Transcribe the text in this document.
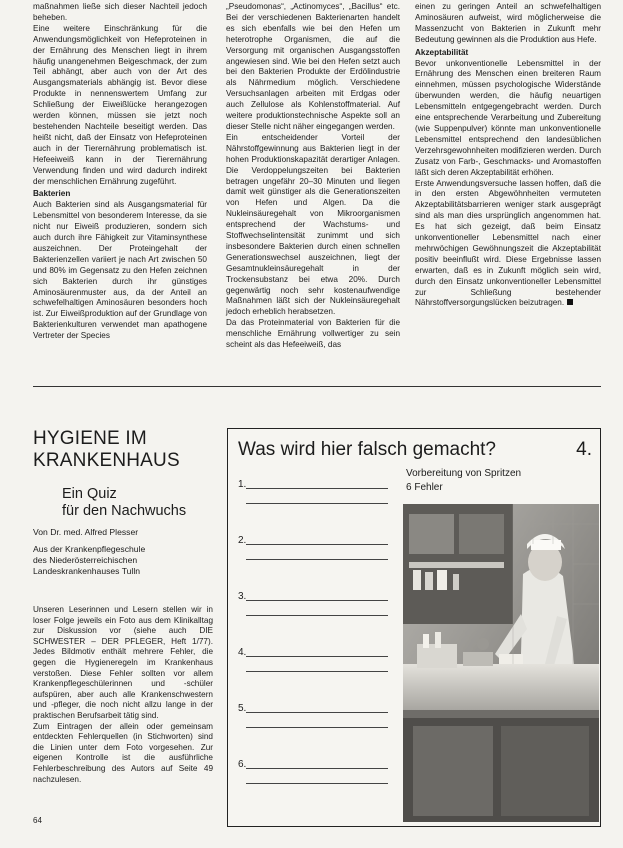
maßnahmen ließe sich dieser Nachteil jedoch beheben.

Eine weitere Einschränkung für die Anwendungsmöglichkeit von Hefeproteinen in der Ernährung des Menschen liegt in ihrem häufig unangenehmen Beigeschmack, der zum Teil abhängt, aber auch von der Art des Ausgangsmaterials abhängig ist. Bevor diese Produkte in nennenswertem Umfang zur Schließung der Eiweißlücke herangezogen werden können, müssen sie jetzt noch bestehenden Nachteile beseitigt werden. Das heißt nicht, daß der Einsatz von Hefeproteinen auch in der Tierernährung problematisch ist. Hefeeiweiß kann in der Tierernährung Verwendung finden und wird dadurch indirekt der menschlichen Ernährung zugeführt.

Bakterien

Auch Bakterien sind als Ausgangsmaterial für Lebensmittel von besonderem Interesse, da sie nicht nur Eiweiß produzieren, sondern sich auch durch ihre Fähigkeit zur Vitaminsynthese auszeichnen. Der Proteingehalt der Bakterienzellen variiert je nach Art zwischen 50 und 80% im Gegensatz zu den Hefen zeichnen sich Bakterien durch ihr günstiges Aminosäurenmuster aus, da der Anteil an schwefelhaltigen Aminosäuren besonders hoch ist. Zur Eiweißproduktion auf der Grundlage von Bakterienkulturen verwendet man apathogene Vertreter der Species

„Pseudomonas“, „Actinomyces“, „Bacillus“ etc. Bei der verschiedenen Bakterienarten handelt es sich ebenfalls wie bei den Hefen um heterotrophe Organismen, die auf die Versorgung mit organischen Ausgangsstoffen angewiesen sind. Wie bei den Hefen setzt auch bei den Bakterien Produkte der Erdölindustrie als Nährmedium möglich. Verschiedene Versuchsanlagen arbeiten mit Erdgas oder auch Zellulose als Kohlenstoffmaterial. Auf weitere produktionstechnische Aspekte soll an dieser Stelle nicht näher eingegangen werden.

Ein entscheidender Vorteil der Nährstoffgewinnung aus Bakterien liegt in der hohen Produktionskapazität derartiger Anlagen. Die Verdoppelungszeiten bei Bakterien betragen ungefähr 20–30 Minuten und liegen damit weit günstiger als die Generationszeiten von Hefen und Algen. Da die Nukleinsäuregehalt von Mikroorganismen entsprechend der Wachstums- und Stoffwechselintensität zunimmt und sich insbesondere Bakterien durch einen schnellen Generationswechsel auszeichnen, liegt der Gesamtnukleinsäuregehalt in der Trockensubstanz bei etwa 20%. Durch gegenwärtig noch sehr kostenaufwendige Maßnahmen läßt sich der Nukleinsäuregehalt jedoch erheblich herabsetzen.

Da das Proteinmaterial von Bakterien für die menschliche Ernährung vollwertiger zu sein scheint als das Hefeeiweiß, das

einen zu geringen Anteil an schwefelhaltigen Aminosäuren aufweist, wird möglicherweise die Massenzucht von Bakterien in Zukunft mehr Bedeutung gewinnen als die Produktion aus Hefe.

Akzeptabilität

Bevor unkonventionelle Lebensmittel in der Ernährung des Menschen einen breiteren Raum einnehmen, müssen psychologische Widerstände überwunden werden, die häufig neuartigen Lebensmitteln entgegengebracht werden. Durch eine entsprechende Verarbeitung und Zubereitung (wie Suppenpulver) könnte man unkonventionelle Lebensmittel entsprechend den landesüblichen Verzehrsgewohnheiten modifizieren werden. Durch Zusatz von Farb-, Geschmacks- und Aromastoffen läßt sich deren Akzeptabilität erhöhen.

Erste Anwendungsversuche lassen hoffen, daß die in den ersten Abgewöhnheiten vermuteten Akzeptabilitätsbarrieren weniger stark ausgeprägt sind als man dies ursprünglich angenommen hat. Es hat sich gezeigt, daß beim Einsatz unkonventioneller Lebensmittel nach einer mehrwöchigen Gewöhnungszeit die Akzeptabilität positiv beeinflußt wird. Diese Ergebnisse lassen erwarten, daß es in Zukunft möglich sein wird, durch den Einsatz unkonventioneller Lebensmittel zur Schließung bestehender Nährstoffversorgungslücken beizutragen.

HYGIENE IM
KRANKENHAUS
Ein Quiz
für den Nachwuchs
Von Dr. med. Alfred Plesser
Aus der Krankenpflegeschule
des Niederösterreichischen
Landeskrankenhauses Tulln

Unseren Leserinnen und Lesern stellen wir in loser Folge jeweils ein Foto aus dem Klinikalltag zur Diskussion vor (siehe auch DIE SCHWESTER – DER PFLEGER, Heft 1/77). Jedes Bildmotiv enthält mehrere Fehler, die gegen die Hygieneregeln im Krankenhaus verstoßen. Diese Fehler sollten vor allem Krankenpflegeschülerinnen und -schüler aufspüren, aber auch alle Krankenschwestern und -pfleger, die noch nicht allzu lange in der praktischen Berufsarbeit tätig sind.

Zum Eintragen der allein oder gemeinsam entdeckten Fehlerquellen (in Stichworten) sind die Linien unter dem Foto vorgesehen. Zur eigenen Kontrolle ist die ausführliche Fehlerbeschreibung des Autors auf Seite 49 nachzulesen.

64
Was wird hier falsch gemacht?	4.
1.
2.
3.
4.
5.
6.
Vorbereitung von Spritzen
6 Fehler
